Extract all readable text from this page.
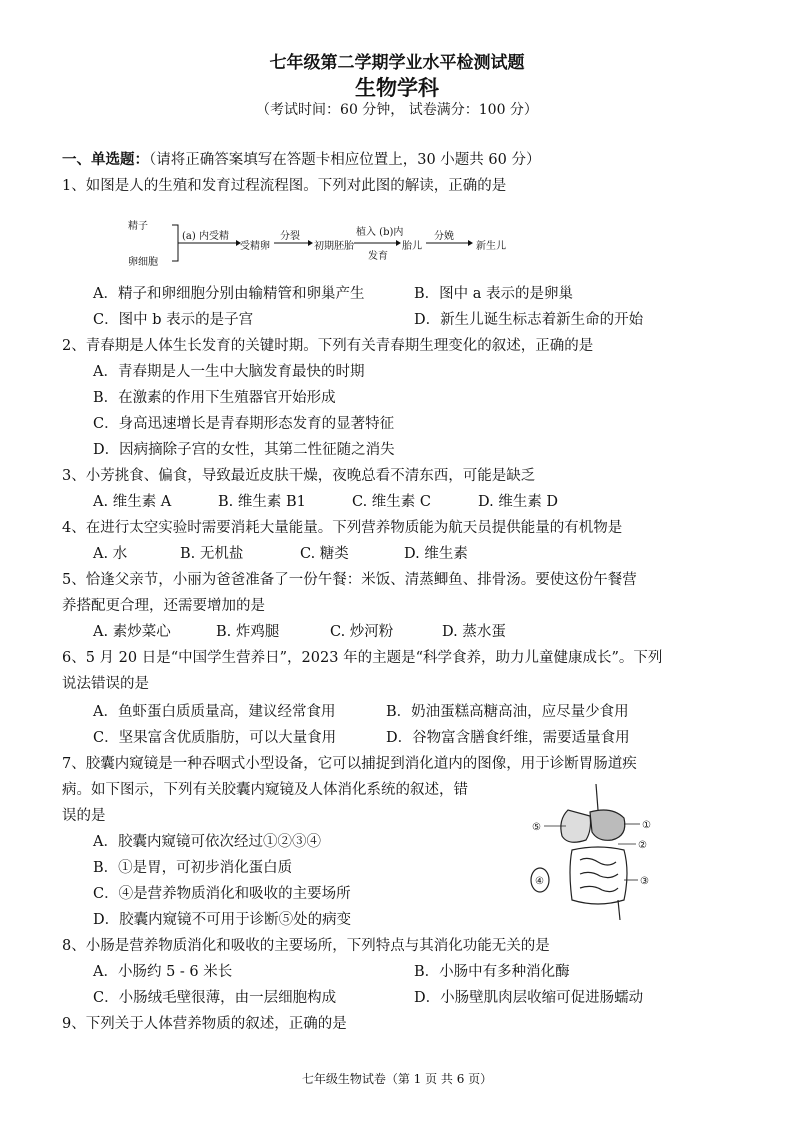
七年级第二学期学业水平检测试题
生物学科
（考试时间：60 分钟， 试卷满分：100 分）
一、单选题：（请将正确答案填写在答题卡相应位置上，30 小题共 60 分）
1、如图是人的生殖和发育过程流程图。下列对此图的解读，正确的是
精子
卵细胞
(a) 内受精
受精卵
分裂
初期胚胎
植入 (b)内
发育
胎儿
分娩
新生儿
A．精子和卵细胞分别由输精管和卵巢产生	B．图中 a 表示的是卵巢
C．图中 b 表示的是子宫	D．新生儿诞生标志着新生命的开始
2、青春期是人体生长发育的关键时期。下列有关青春期生理变化的叙述，正确的是
A．青春期是人一生中大脑发育最快的时期
B．在激素的作用下生殖器官开始形成
C．身高迅速增长是青春期形态发育的显著特征
D．因病摘除子宫的女性，其第二性征随之消失
3、小芳挑食、偏食，导致最近皮肤干燥，夜晚总看不清东西，可能是缺乏
A. 维生素 A	B. 维生素 B1	C. 维生素 C	D. 维生素 D
4、在进行太空实验时需要消耗大量能量。下列营养物质能为航天员提供能量的有机物是
A. 水	B. 无机盐	C. 糖类	D. 维生素
5、恰逢父亲节，小丽为爸爸准备了一份午餐：米饭、清蒸鲫鱼、排骨汤。要使这份午餐营
养搭配更合理，还需要增加的是
A. 素炒菜心	B. 炸鸡腿	C. 炒河粉	D. 蒸水蛋
6、5 月 20 日是“中国学生营养日”，2023 年的主题是“科学食养，助力儿童健康成长”。下列
说法错误的是
A．鱼虾蛋白质质量高，建议经常食用	B．奶油蛋糕高糖高油，应尽量少食用
C．坚果富含优质脂肪，可以大量食用	D．谷物富含膳食纤维，需要适量食用
7、胶囊内窥镜是一种吞咽式小型设备，它可以捕捉到消化道内的图像，用于诊断胃肠道疾
病。如下图示，下列有关胶囊内窥镜及人体消化系统的叙述，错
误的是
A．胶囊内窥镜可依次经过①②③④
B．①是胃，可初步消化蛋白质
C．④是营养物质消化和吸收的主要场所
D．胶囊内窥镜不可用于诊断⑤处的病变
⑤	①
②
③
④
8、小肠是营养物质消化和吸收的主要场所，下列特点与其消化功能无关的是
A．小肠约 5 - 6 米长	B．小肠中有多种消化酶
C．小肠绒毛壁很薄，由一层细胞构成	D．小肠壁肌肉层收缩可促进肠蠕动
9、下列关于人体营养物质的叙述，正确的是
七年级生物试卷（第 1 页 共 6 页）
